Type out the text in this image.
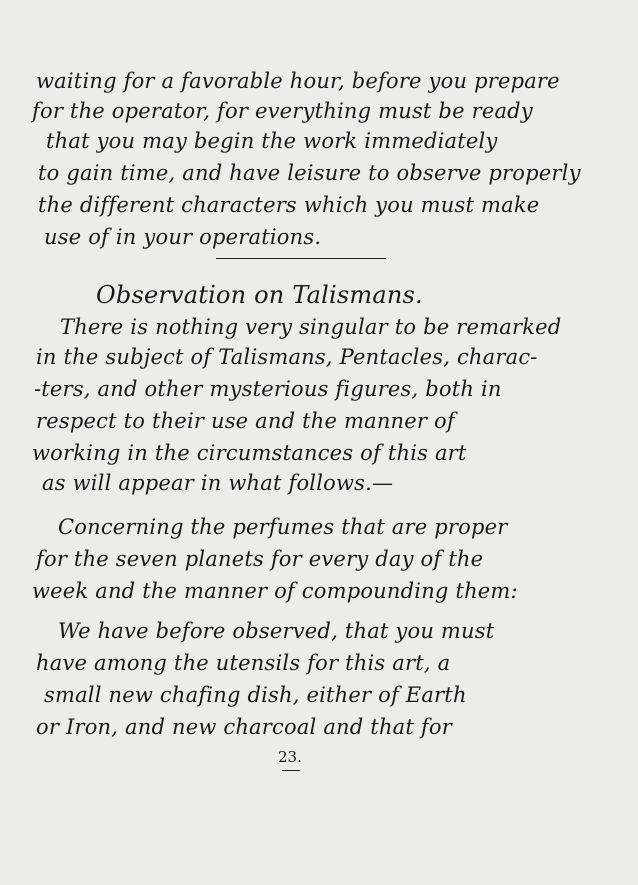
waiting for a favorable hour, before you prepare
for the operator, for everything must be ready
that you may begin the work immediately
to gain time, and have leisure to observe properly
the different characters which you must make
use of in your operations.
Observation on Talismans.
There is nothing very singular to be remarked
in the subject of Talismans, Pentacles, charac-
-ters, and other mysterious figures, both in
respect to their use and the manner of
working in the circumstances of this art
as will appear in what follows.—
Concerning the perfumes that are proper
for the seven planets for every day of the
week and the manner of compounding them:
We have before observed, that you must
have among the utensils for this art, a
small new chafing dish, either of Earth
or Iron, and new charcoal and that for
23.
